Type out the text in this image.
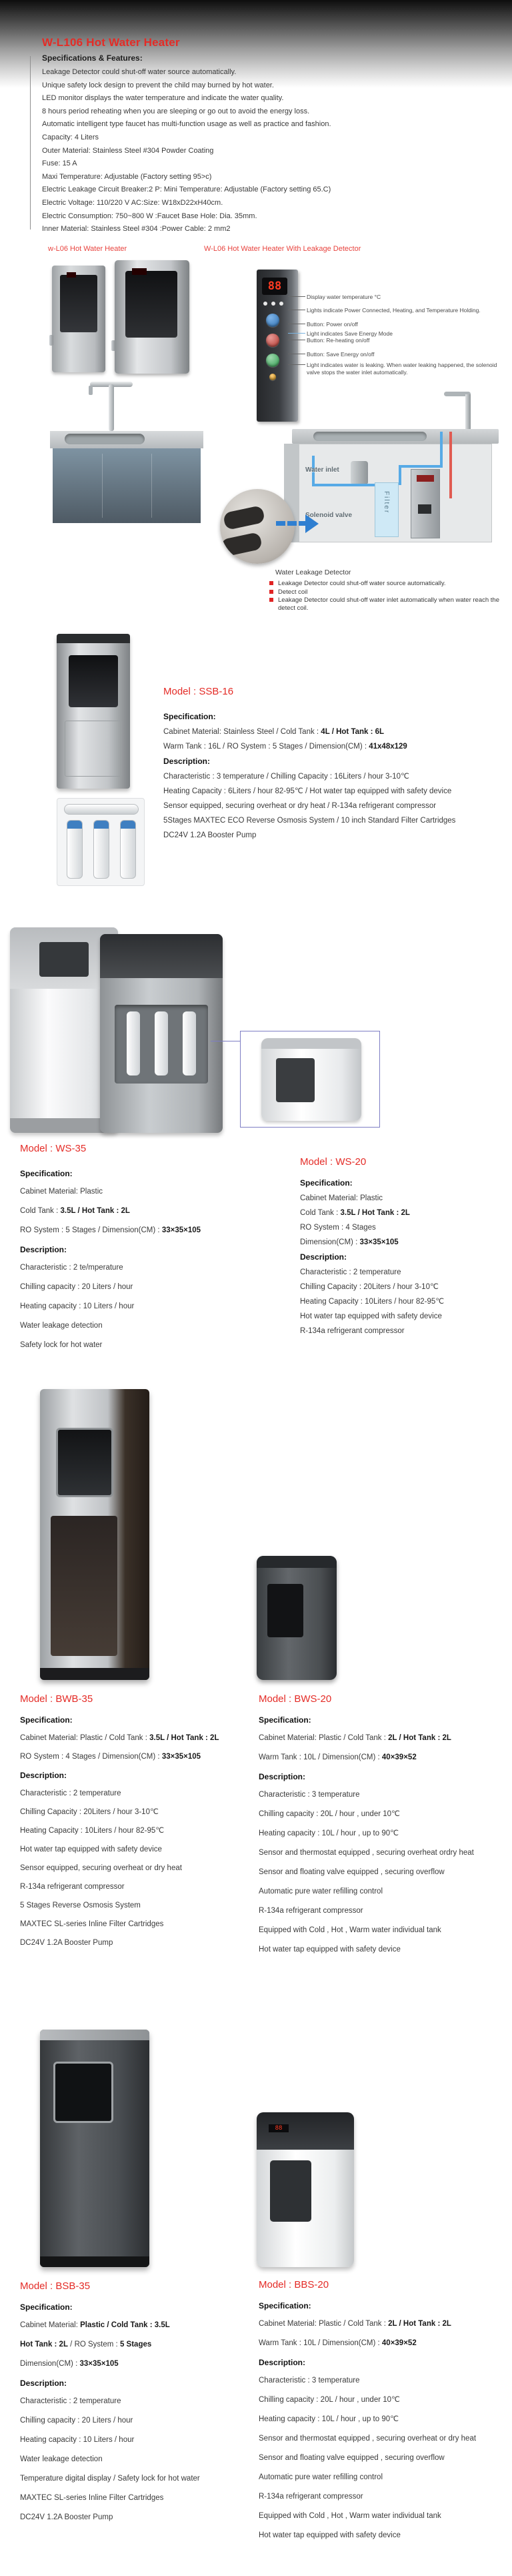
W-L106 Hot Water Heater
Specifications & Features:

Leakage Detector could shut-off water source automatically.

Unique safety lock design to prevent the child may burned by hot water.

LED monitor displays the water temperature and indicate the water quality.

8 hours period reheating when you are sleeping or go out to avoid the energy loss.

Automatic intelligent type faucet has multi-function usage as well as practice and fashion.

Capacity: 4 Liters

Outer Material: Stainless Steel #304 Powder Coating

Fuse: 15 A

Maxi Temperature: Adjustable (Factory setting 95>c)

Electric Leakage Circuit Breaker:2 P: Mini Temperature: Adjustable (Factory setting 65.C)

Electric Voltage: 110/220 V AC:Size: W18xD22xH40cm.

Electric Consumption: 750~800 W :Faucet Base Hole: Dia. 35mm.

Inner Material: Stainless Steel #304 :Power Cable: 2 mm2

w-L06 Hot Water Heater	W-L06 Hot Water Heater With Leakage Detector
88
Display water temperature °C
Lights indicate Power Connected, Heating, and Temperature Holding.
Button: Power on/off
Light indicates Save Energy Mode
Button: Re-heating on/off
Button: Save Energy on/off
Light indicates water is leaking. When water leaking happened, the solenoid valve stops the water inlet automatically.
Filter
Water inlet
Solenoid valve
Water Leakage Detector
Leakage Detector could shut-off water source automatically.
Detect coil
Leakage Detector could shut-off water inlet automatically when water reach the detect coil.
Model : SSB-16
Specification:

Cabinet Material: Stainless Steel / Cold Tank : 4L / Hot Tank : 6L

Warm Tank : 16L / RO System : 5 Stages / Dimension(CM) : 41x48x129

Description:

Characteristic : 3 temperature / Chilling Capacity : 16Liters / hour 3-10℃

Heating Capacity : 6Liters / hour 82-95℃ / Hot water tap equipped with safety device

Sensor equipped, securing overheat or dry heat / R-134a refrigerant compressor

5Stages MAXTEC ECO Reverse Osmosis System / 10 inch Standard Filter Cartridges

DC24V 1.2A Booster Pump

Model : WS-35
Specification:

Cabinet Material: Plastic

Cold Tank : 3.5L / Hot Tank : 2L

RO System : 5 Stages / Dimension(CM) : 33×35×105

Description:

Characteristic : 2 te/mperature

Chilling capacity : 20 Liters / hour

Heating capacity : 10 Liters / hour

Water leakage detection

Safety lock for hot water

Model : WS-20
Specification:

Cabinet Material: Plastic

Cold Tank : 3.5L / Hot Tank : 2L

RO System : 4 Stages

Dimension(CM) : 33×35×105

Description:

Characteristic : 2 temperature

Chilling Capacity : 20Liters / hour 3-10℃

Heating Capacity : 10Liters / hour 82-95℃

Hot water tap equipped with safety device

R-134a refrigerant compressor

Model : BWB-35
Specification:

Cabinet Material: Plastic / Cold Tank : 3.5L / Hot Tank : 2L

RO System : 4 Stages / Dimension(CM) : 33×35×105

Description:

Characteristic : 2 temperature

Chilling Capacity : 20Liters / hour 3-10℃

Heating Capacity : 10Liters / hour 82-95℃

Hot water tap equipped with safety device

Sensor equipped, securing overheat or dry heat

R-134a refrigerant compressor

5 Stages Reverse Osmosis System

MAXTEC SL-series Inline Filter Cartridges

DC24V 1.2A Booster Pump

Model : BWS-20
Specification:

Cabinet Material: Plastic / Cold Tank : 2L / Hot Tank : 2L

Warm Tank : 10L / Dimension(CM) : 40×39×52

Description:

Characteristic : 3 temperature

Chilling capacity : 20L / hour , under 10℃

Heating capacity : 10L / hour , up to 90℃

Sensor and thermostat equipped , securing overheat ordry heat

Sensor and floating valve equipped , securing overflow

Automatic pure water refilling control

R-134a refrigerant compressor

Equipped with Cold , Hot , Warm water individual tank

Hot water tap equipped with safety device

88
Model : BSB-35
Specification:

Cabinet Material: Plastic / Cold Tank : 3.5L

Hot Tank : 2L / RO System : 5 Stages

Dimension(CM) : 33×35×105

Description:

Characteristic : 2 temperature

Chilling capacity : 20 Liters / hour

Heating capacity : 10 Liters / hour

Water leakage detection

Temperature digital display / Safety lock for hot water

MAXTEC SL-series Inline Filter Cartridges

DC24V 1.2A Booster Pump

Model : BBS-20
Specification:

Cabinet Material: Plastic / Cold Tank : 2L / Hot Tank : 2L

Warm Tank : 10L / Dimension(CM) : 40×39×52

Description:

Characteristic : 3 temperature

Chilling capacity : 20L / hour , under 10℃

Heating capacity : 10L / hour , up to 90℃

Sensor and thermostat equipped , securing overheat or dry heat

Sensor and floating valve equipped , securing overflow

Automatic pure water refilling control

R-134a refrigerant compressor

Equipped with Cold , Hot , Warm water individual tank

Hot water tap equipped with safety device
